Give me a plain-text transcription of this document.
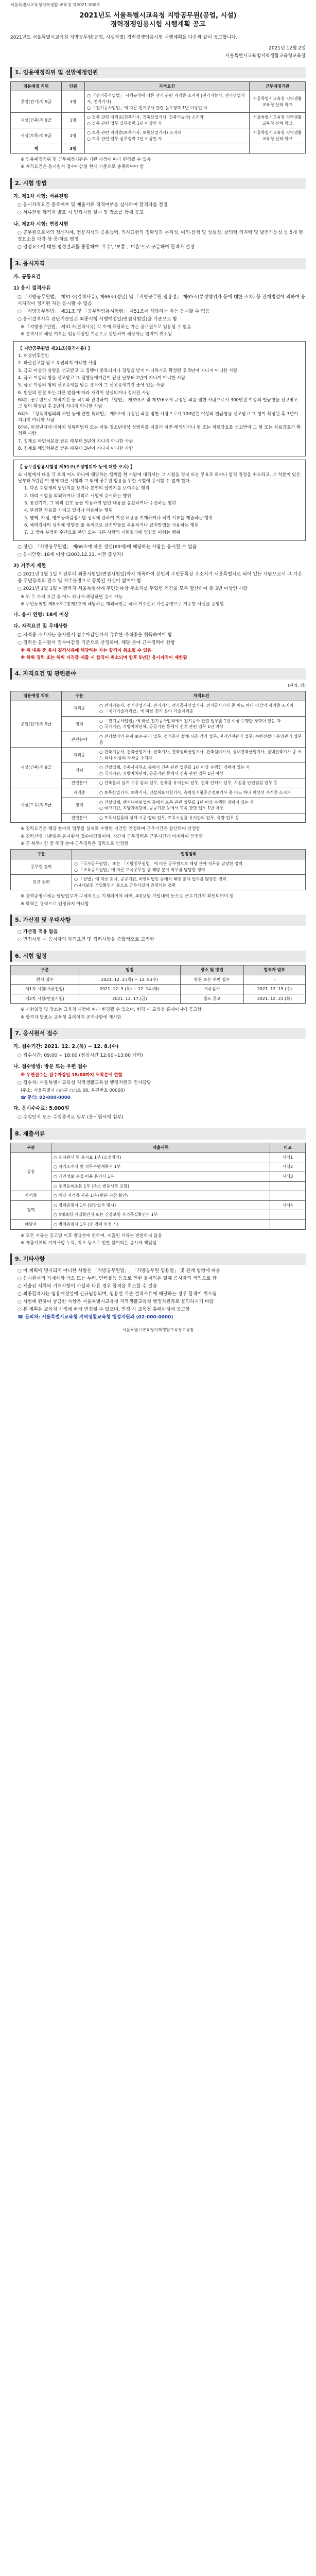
서울특별시교육청지역생활·교육정 제2021-000호
2021년도 서울특별시교육청 지방공무원(공업, 시설)
경력경쟁임용시험 시행계획 공고
2021년도 서울특별시교육청 지방공무원(공업, 시설직렬) 경력경쟁임용시험 시행계획을 다음과 같이 공고합니다.
2021년 12월 2일
서울특별시교육청지역생활교육청교육장
1. 임용예정직위 및 선발예정인원
임용예정 직위	인원	자격요건	근무예정기관
공업(전기)직 9급	1명	○ 「전기공사업법」 시행규칙에 따른 전기 관련 자격증 소지자 (전기기능사, 전기산업기사, 전기기사)
○ 「전기공사업법」에 따른 전기공사 관련 실무경력 1년 이상인 자	서울특별시교육청 지역생활교육청 산하 학교
시설(건축)직 9급	1명	○ 건축 관련 자격증(건축기사, 건축산업기사, 건축기능사) 소지자
○ 건축 관련 업무 실무경력 1년 이상인 자	서울특별시교육청 지역생활교육청 산하 학교
시설(토목)직 9급	1명	○ 토목 관련 자격증(토목기사, 토목산업기사) 소지자
○ 토목 관련 업무 실무경력 1년 이상인 자	서울특별시교육청 지역생활교육청 산하 학교
계	3명		
※ 임용예정직위 및 근무예정기관은 기관 사정에 따라 변경될 수 있음
※ 자격요건은 응시원서 접수마감일 현재 기준으로 충족하여야 함
2. 시험 방법
가. 제1차 시험: 서류전형
○ 응시자격요건 충족여부 및 제출서류 적격여부를 심사하여 합격자를 결정
○ 서류전형 합격자 발표 시 면접시험 일시 및 장소를 함께 공고
나. 제2차 시험: 면접시험
○ 공무원으로서의 정신자세, 전문지식과 응용능력, 의사표현의 정확성과 논리성, 예의·품행 및 성실성, 창의력·의지력 및 발전가능성 등 5개 평정요소를 각각 상·중·하로 평정
○ 평정요소에 대한 평정결과를 종합하여 '우수', '보통', '미흡'으로 구분하여 합격자 결정
3. 응시자격
가. 공통요건
1) 응시 결격사유
○ 「지방공무원법」 제31조(결격사유), 제66조(정년) 및 「지방공무원 임용령」 제65조(부정행위자 등에 대한 조치) 등 관계법령에 의하여 응시자격이 정지된 자는 응시할 수 없음
○ 「지방공무원법」 제31조 및 「공무원임용시험령」 제51조에 해당하는 자는 응시할 수 없음
○ 응시결격사유 판단기준일은 최종시험 시행예정일(면접시험일)을 기준으로 함
※ 「지방공무원법」 제31조(결격사유) 각 호에 해당하는 자는 공무원으로 임용될 수 없음
※ 결격사유 해당 여부는 임용예정일 기준으로 판단하며 해당자는 합격이 취소됨
【 지방공무원법 제31조(결격사유) 】
1. 피성년후견인
2. 파산선고를 받고 복권되지 아니한 사람
3. 금고 이상의 실형을 선고받고 그 집행이 종료되거나 집행을 받지 아니하기로 확정된 후 5년이 지나지 아니한 사람
4. 금고 이상의 형을 선고받고 그 집행유예기간이 끝난 날부터 2년이 지나지 아니한 사람
5. 금고 이상의 형의 선고유예를 받은 경우에 그 선고유예기간 중에 있는 사람
6. 법원의 판결 또는 다른 법률에 따라 자격이 상실되거나 정지된 사람
6의2. 공무원으로 재직기간 중 직무와 관련하여 「형법」 제355조 및 제356조에 규정된 죄를 범한 사람으로서 300만원 이상의 벌금형을 선고받고 그 형이 확정된 후 2년이 지나지 아니한 사람
6의3. 「성폭력범죄의 처벌 등에 관한 특례법」 제2조에 규정된 죄를 범한 사람으로서 100만원 이상의 벌금형을 선고받고 그 형이 확정된 후 3년이 지나지 아니한 사람
6의4. 미성년자에 대하여 성폭력범죄 또는 아동·청소년대상 성범죄를 저질러 파면·해임되거나 형 또는 치료감호를 선고받아 그 형 또는 치료감호가 확정된 사람
7. 징계로 파면처분을 받은 때부터 5년이 지나지 아니한 사람
8. 징계로 해임처분을 받은 때부터 3년이 지나지 아니한 사람
【 공무원임용시험령 제51조(부정행위자 등에 대한 조치) 】
① 시험에서 다음 각 호의 어느 하나에 해당하는 행위를 한 사람에 대해서는 그 시험을 정지 또는 무효로 하거나 합격 결정을 취소하고, 그 처분이 있은 날부터 5년간 이 영에 따른 시험과 그 밖에 공무원 임용을 위한 시험에 응시할 수 없게 한다.
1. 다른 수험생의 답안지를 보거나 본인의 답안지를 보여주는 행위
2. 대리 시험을 의뢰하거나 대리로 시험에 응시하는 행위
3. 통신기기, 그 밖의 신호 등을 이용하여 답안 내용을 송신하거나 수신하는 행위
4. 부정한 자료를 가지고 있거나 이용하는 행위
5. 병역, 가점, 영어능력검정시험 성적에 관하여 거짓 내용을 기재하거나 허위 서류를 제출하는 행위
6. 체력검사의 성적에 영향을 줄 목적으로 금지약물을 복용하거나 금지방법을 사용하는 행위
7. 그 밖에 부정한 수단으로 본인 또는 다른 사람의 시험결과에 영향을 미치는 행위
○ 정년: 「지방공무원법」 제66조에 따른 정년(60세)에 해당하는 사람은 응시할 수 없음
○ 응시연령: 18세 이상 (2003.12.31. 이전 출생자)
2) 거주지 제한
○ 2021년 1월 1일 이전부터 최종시험일(면접시험일)까지 계속하여 본인의 주민등록상 주소지가 서울특별시로 되어 있는 사람으로서 그 기간 중 주민등록의 말소 및 거주불명으로 등록된 사실이 없어야 함
○ 2021년 1월 1일 이전까지 서울특별시에 주민등록상 주소지를 두었던 기간을 모두 합산하여 총 3년 이상인 사람
※ 위 두 가지 요건 중 어느 하나에 해당하면 응시 가능
※ 주민등록법 제6조제1항제3호에 해당하는 재외국민은 국내 거소신고 사실증명으로 거주한 사실을 증명함
나. 응시 연령: 18세 이상
다. 자격요건 및 우대사항
○ 자격증 소지자는 응시원서 접수마감일까지 유효한 자격증을 취득하여야 함
○ 경력은 응시원서 접수마감일 기준으로 산정하며, 해당 분야 근무경력에 한함
※ 위 내용 중 응시 결격사유에 해당하는 자는 합격이 취소될 수 있음
※ 허위 경력 또는 허위 자격증 제출 시 합격이 취소되며 향후 5년간 응시자격이 제한됨
4. 자격요건 및 관련분야
(단위: 명)
임용예정 직위	구분	자격요건
공업(전기)직 9급	자격증	○ 전기기능사, 전기산업기사, 전기기사, 전기공사산업기사, 전기공사기사 중 어느 하나 이상의 자격증 소지자
○ 「국가기술자격법」에 따른 전기 분야 기술자격증
	경력	○ 「전기공사업법」에 따른 전기공사업체에서 전기공사 관련 업무를 1년 이상 수행한 경력이 있는 자
○ 국가기관, 지방자치단체, 공공기관 등에서 전기 관련 업무 1년 이상
	관련분야	○ 전기설비의 유지·보수·관리 업무, 전기공사 설계·시공·감리 업무, 전기안전관리 업무, 수변전설비 운영관리 업무 등
시설(건축)직 9급	자격증	○ 건축기능사, 건축산업기사, 건축기사, 건축설비산업기사, 건축설비기사, 실내건축산업기사, 실내건축기사 중 어느 하나 이상의 자격증 소지자
	경력	○ 건설업체, 건축사사무소 등에서 건축 관련 업무를 1년 이상 수행한 경력이 있는 자
○ 국가기관, 지방자치단체, 공공기관 등에서 건축 관련 업무 1년 이상
	관련분야	○ 건축물의 설계·시공·감리 업무, 건축물 유지관리 업무, 건축 인허가 업무, 시설물 안전점검 업무 등
시설(토목)직 9급	자격증	○ 토목산업기사, 토목기사, 건설재료시험기사, 측량및지형공간정보기사 중 어느 하나 이상의 자격증 소지자
	경력	○ 건설업체, 엔지니어링업체 등에서 토목 관련 업무를 1년 이상 수행한 경력이 있는 자
○ 국가기관, 지방자치단체, 공공기관 등에서 토목 관련 업무 1년 이상
	관련분야	○ 토목시설물의 설계·시공·감리 업무, 토목시설물 유지관리 업무, 측량 업무 등
※ 경력요건은 해당 분야의 업무를 실제로 수행한 기간만 인정하며 근무기간은 합산하여 산정함
※ 경력산정 기준일은 응시원서 접수마감일이며, 시간제 근무경력은 근무시간에 비례하여 인정함
※ 군 복무기간 중 해당 분야 근무경력은 경력으로 인정함
구분	인정범위
공무원 경력	○ 「국가공무원법」 또는 「지방공무원법」에 따른 공무원으로 해당 분야 직무를 담당한 경력
○ 「교육공무원법」에 따른 교육공무원 중 해당 분야 직무를 담당한 경력
민간 경력	○ 「상법」에 따른 회사, 공공기관, 비영리법인 등에서 해당 분야 업무를 담당한 경력
○ 4대보험 가입확인서 등으로 근무사실이 증명되는 경력
※ 경력증명서에는 담당업무가 구체적으로 기재되어야 하며, 4대보험 가입내역 등으로 근무기간이 확인되어야 함
※ 학력은 경력으로 인정하지 아니함
5. 가산점 및 우대사항
○ 가산점 적용 없음
○ 면접시험 시 응시자의 자격요건 및 경력사항을 종합적으로 고려함
6. 시험 일정
구분	일정	장소 및 방법	합격자 발표
원서 접수	2021. 12. 2.(목) ~ 12. 8.(수)	방문 또는 우편 접수	-
제1차 시험(서류전형)	2021. 12. 9.(목) ~ 12. 14.(화)	서류심사	2021. 12. 15.(수)
제2차 시험(면접시험)	2021. 12. 17.(금)	별도 공고	2021. 12. 21.(화)
※ 시험일정 및 장소는 교육청 사정에 따라 변경될 수 있으며, 변경 시 교육청 홈페이지에 공고함
※ 합격자 발표는 교육청 홈페이지 공지사항에 게시함
7. 응시원서 접수
가. 접수기간: 2021. 12. 2.(목) ~ 12. 8.(수)
○ 접수시간: 09:00 ~ 18:00 (점심시간 12:00~13:00 제외)
나. 접수방법: 방문 또는 우편 접수
※ 우편접수는 접수마감일 18:00까지 도착분에 한함
○ 접수처: 서울특별시교육청 지역생활교육청 행정지원과 인사담당
(주소: 서울특별시 ○○구 ○○로 00, 우편번호 00000)
☎ 문의: 02-000-0000
다. 응시수수료: 5,000원
○ 수입인지 또는 수입증지로 납부 (응시원서에 첨부)
8. 제출서류
구분	제출서류	비고
공통	○ 응시원서 및 응시표 1부 (소정양식)	서식1
	○ 자기소개서 및 직무수행계획서 1부	서식2
	○ 개인정보 수집·이용 동의서 1부	서식3
	○ 주민등록초본 1부 (주소 변동사항 포함)	
자격증	○ 해당 자격증 사본 1부 (원본 지참 확인)	
경력	○ 경력증명서 1부 (담당업무 명시)	서식4
	○ 4대보험 가입확인서 또는 건강보험 자격득실확인서 1부	
해당자	○ 병적증명서 1부 (군 경력 인정 시)	
※ 모든 서류는 공고일 이후 발급분에 한하며, 제출된 서류는 반환하지 않음
※ 제출서류의 기재사항 누락, 착오 등으로 인한 불이익은 응시자 책임임
9. 기타사항
○ 이 계획에 명시되지 아니한 사항은 「지방공무원법」, 「지방공무원 임용령」 및 관계 법령에 따름
○ 응시원서의 기재사항 착오 또는 누락, 연락불능 등으로 인한 불이익은 일체 응시자의 책임으로 함
○ 제출된 서류의 기재사항이 사실과 다른 경우 합격을 취소할 수 있음
○ 최종합격자는 임용예정일에 신규임용되며, 임용일 기준 결격사유에 해당하는 경우 합격이 취소됨
○ 시험에 관하여 궁금한 사항은 서울특별시교육청 지역생활교육청 행정지원과로 문의하시기 바람
○ 본 계획은 교육청 사정에 따라 변경될 수 있으며, 변경 시 교육청 홈페이지에 공고함
☎ 문의처: 서울특별시교육청 지역생활교육청 행정지원과 (02-000-0000)
서울특별시교육청지역생활교육청교육장
